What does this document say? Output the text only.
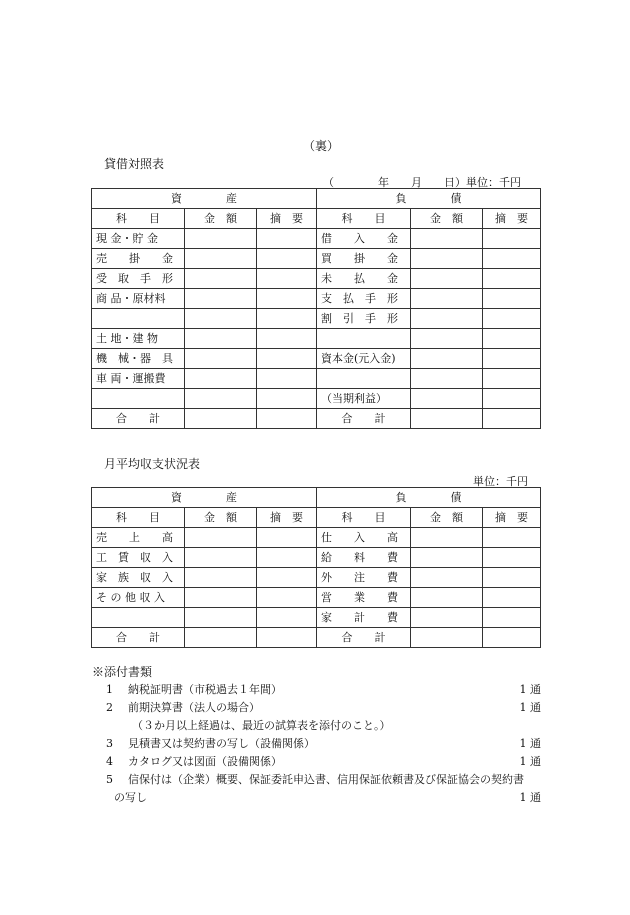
（裏）
貸借対照表
（　　　　年　　月　　日）単位：千円
資　　　　産			負　　　　債		
科　　目	金　額	摘　要	科　　目	金　額	摘　要
現 金・貯 金			借　　入　　金		
売　　掛　　金			買　　掛　　金		
受　取　手　形			未　　払　　金		
商 品・原材料			支　払　手　形		
			割　引　手　形		
土 地・建 物					
機　械・器　具			資本金(元入金)		
車 両・運搬費					
			（当期利益）		
合　　計			合　　計		
月平均収支状況表
単位：千円
資　　　　産			負　　　　債		
科　　目	金　額	摘　要	科　　目	金　額	摘　要
売　　上　　高			仕　　入　　高		
工　賃　収　入			給　　料　　費		
家　族　収　入			外　　注　　費		
そ の 他 収 入			営　　業　　費		
			家　　計　　費		
合　　計			合　　計		
※添付書類
1 納税証明書（市税過去１年間）	1 通
2 前期決算書（法人の場合）	1 通
（３か月以上経過は、最近の試算表を添付のこと。）
3 見積書又は契約書の写し（設備関係）	1 通
4 カタログ又は図面（設備関係）	1 通
5 信保付は（企業）概要、保証委託申込書、信用保証依頼書及び保証協会の契約書
の写し	1 通
